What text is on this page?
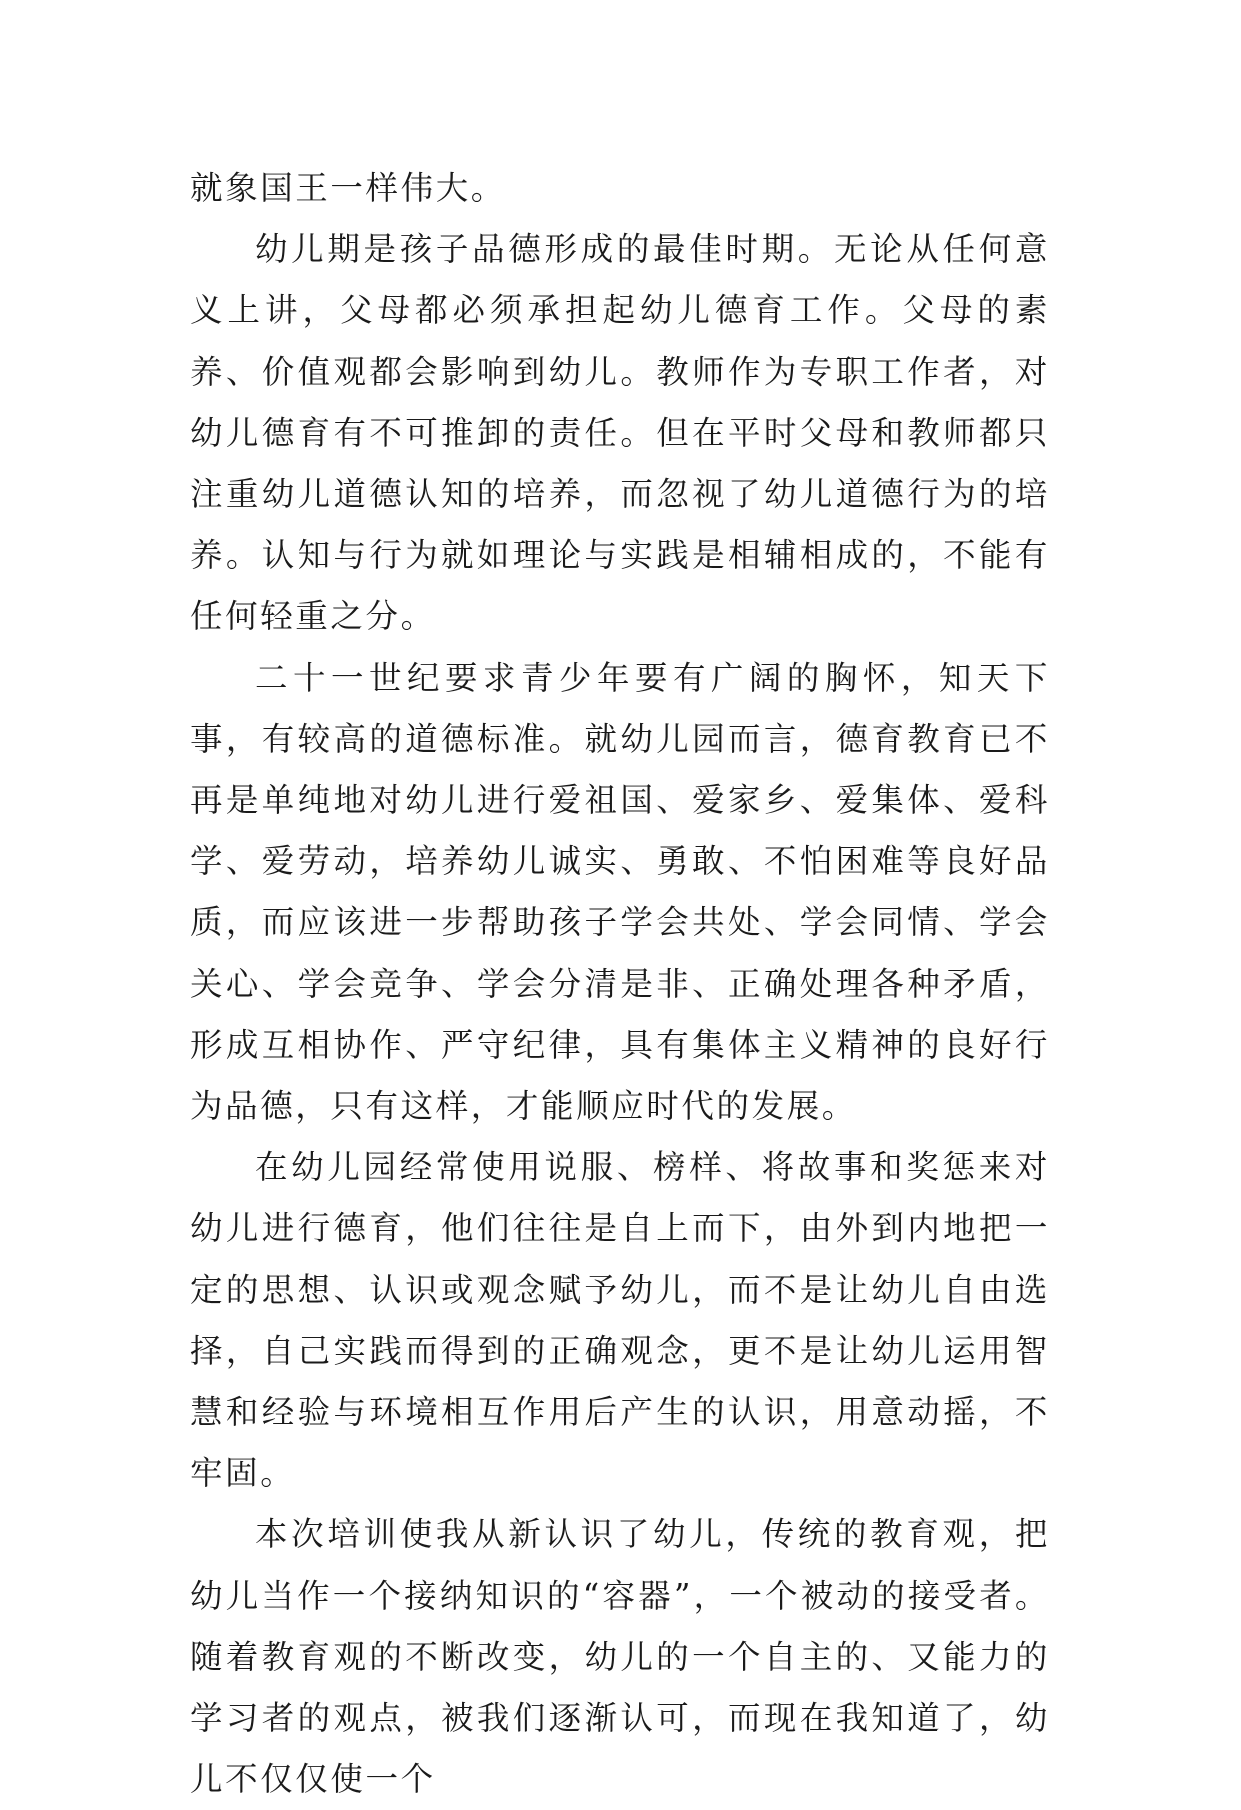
就象国王一样伟大。

幼儿期是孩子品德形成的最佳时期。无论从任何意义上讲，父母都必须承担起幼儿德育工作。父母的素养、价值观都会影响到幼儿。教师作为专职工作者，对幼儿德育有不可推卸的责任。但在平时父母和教师都只注重幼儿道德认知的培养，而忽视了幼儿道德行为的培养。认知与行为就如理论与实践是相辅相成的，不能有任何轻重之分。

二十一世纪要求青少年要有广阔的胸怀，知天下事，有较高的道德标准。就幼儿园而言，德育教育已不再是单纯地对幼儿进行爱祖国、爱家乡、爱集体、爱科学、爱劳动，培养幼儿诚实、勇敢、不怕困难等良好品质，而应该进一步帮助孩子学会共处、学会同情、学会关心、学会竞争、学会分清是非、正确处理各种矛盾，形成互相协作、严守纪律，具有集体主义精神的良好行为品德，只有这样，才能顺应时代的发展。

在幼儿园经常使用说服、榜样、将故事和奖惩来对幼儿进行德育，他们往往是自上而下，由外到内地把一定的思想、认识或观念赋予幼儿，而不是让幼儿自由选择，自己实践而得到的正确观念，更不是让幼儿运用智慧和经验与环境相互作用后产生的认识，用意动摇，不牢固。

本次培训使我从新认识了幼儿，传统的教育观，把幼儿当作一个接纳知识的“容器”，一个被动的接受者。随着教育观的不断改变，幼儿的一个自主的、又能力的学习者的观点，被我们逐渐认可，而现在我知道了，幼儿不仅仅使一个
